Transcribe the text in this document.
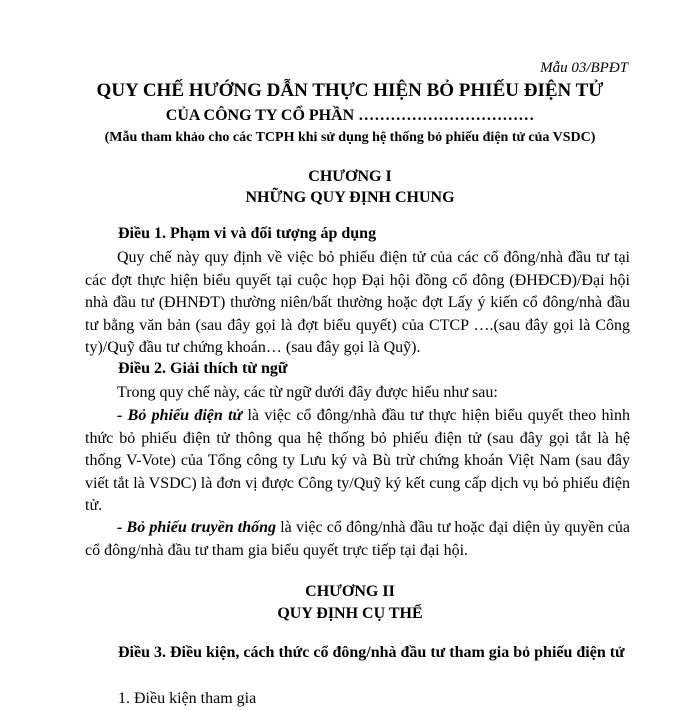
Mẫu 03/BPĐT
QUY CHẾ HƯỚNG DẪN THỰC HIỆN BỎ PHIẾU ĐIỆN TỬ
CỦA CÔNG TY CỔ PHẦN ……………………………
(Mẫu tham khảo cho các TCPH khi sử dụng hệ thống bỏ phiếu điện tử của VSDC)
CHƯƠNG I
NHỮNG QUY ĐỊNH CHUNG
Điều 1. Phạm vi và đối tượng áp dụng

Quy chế này quy định về việc bỏ phiếu điện tử của các cổ đông/nhà đầu tư tại các đợt thực hiện biểu quyết tại cuộc họp Đại hội đồng cổ đông (ĐHĐCĐ)/Đại hội nhà đầu tư (ĐHNĐT) thường niên/bất thường hoặc đợt Lấy ý kiến cổ đông/nhà đầu tư bằng văn bản (sau đây gọi là đợt biểu quyết) của CTCP ….(sau đây gọi là Công ty)/Quỹ đầu tư chứng khoán… (sau đây gọi là Quỹ).

Điều 2. Giải thích từ ngữ

Trong quy chế này, các từ ngữ dưới đây được hiểu như sau:

- Bỏ phiếu điện tử là việc cổ đông/nhà đầu tư thực hiện biểu quyết theo hình thức bỏ phiếu điện tử thông qua hệ thống bỏ phiếu điện tử (sau đây gọi tắt là hệ thống V-Vote) của Tổng công ty Lưu ký và Bù trừ chứng khoán Việt Nam (sau đây viết tắt là VSDC) là đơn vị được Công ty/Quỹ ký kết cung cấp dịch vụ bỏ phiếu điện tử.

- Bỏ phiếu truyền thống là việc cổ đông/nhà đầu tư hoặc đại diện ủy quyền của cổ đông/nhà đầu tư tham gia biểu quyết trực tiếp tại đại hội.

CHƯƠNG II
QUY ĐỊNH CỤ THỂ
Điều 3. Điều kiện, cách thức cổ đông/nhà đầu tư tham gia bỏ phiếu điện tử
1. Điều kiện tham gia
